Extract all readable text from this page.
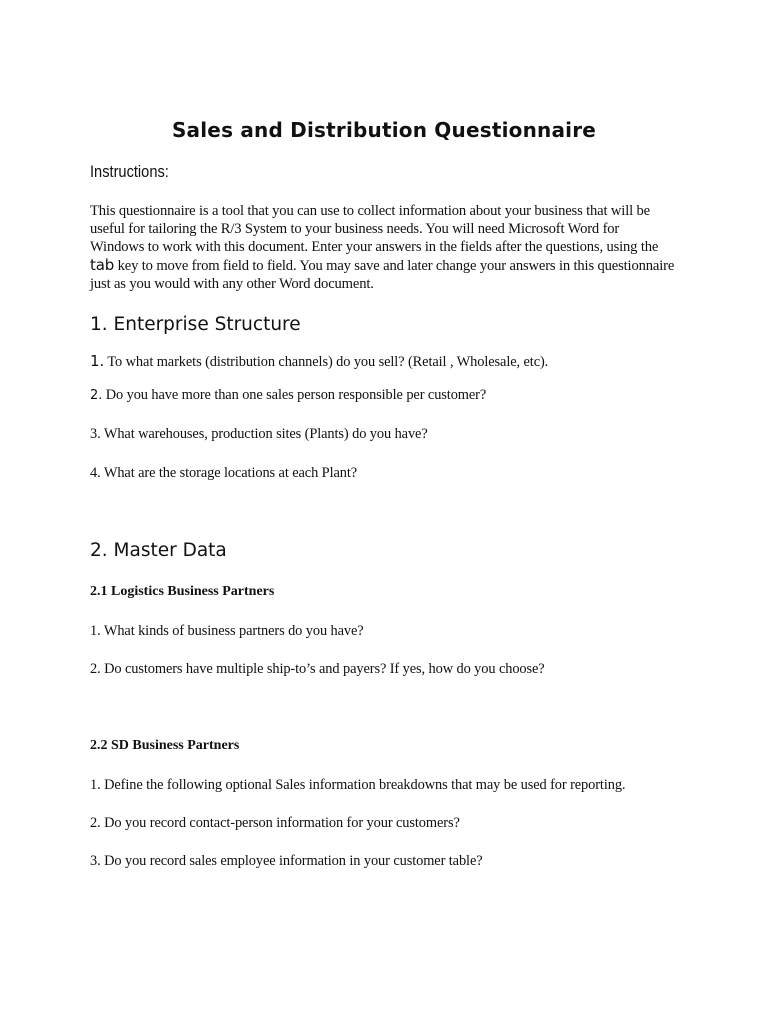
Sales and Distribution Questionnaire
Instructions:

This questionnaire is a tool that you can use to collect information about your business that will be useful for tailoring the R/3 System to your business needs. You will need Microsoft Word for Windows to work with this document. Enter your answers in the fields after the questions, using the tab key to move from field to field. You may save and later change your answers in this questionnaire just as you would with any other Word document.

1. Enterprise Structure

1. To what markets (distribution channels) do you sell? (Retail , Wholesale, etc).

2. Do you have more than one sales person responsible per customer?

3. What warehouses, production sites (Plants) do you have?

4. What are the storage locations at each Plant?

2. Master Data
2.1 Logistics Business Partners

1. What kinds of business partners do you have?

2. Do customers have multiple ship-to’s and payers? If yes, how do you choose?

2.2 SD Business Partners

1. Define the following optional Sales information breakdowns that may be used for reporting.

2. Do you record contact-person information for your customers?

3. Do you record sales employee information in your customer table?
